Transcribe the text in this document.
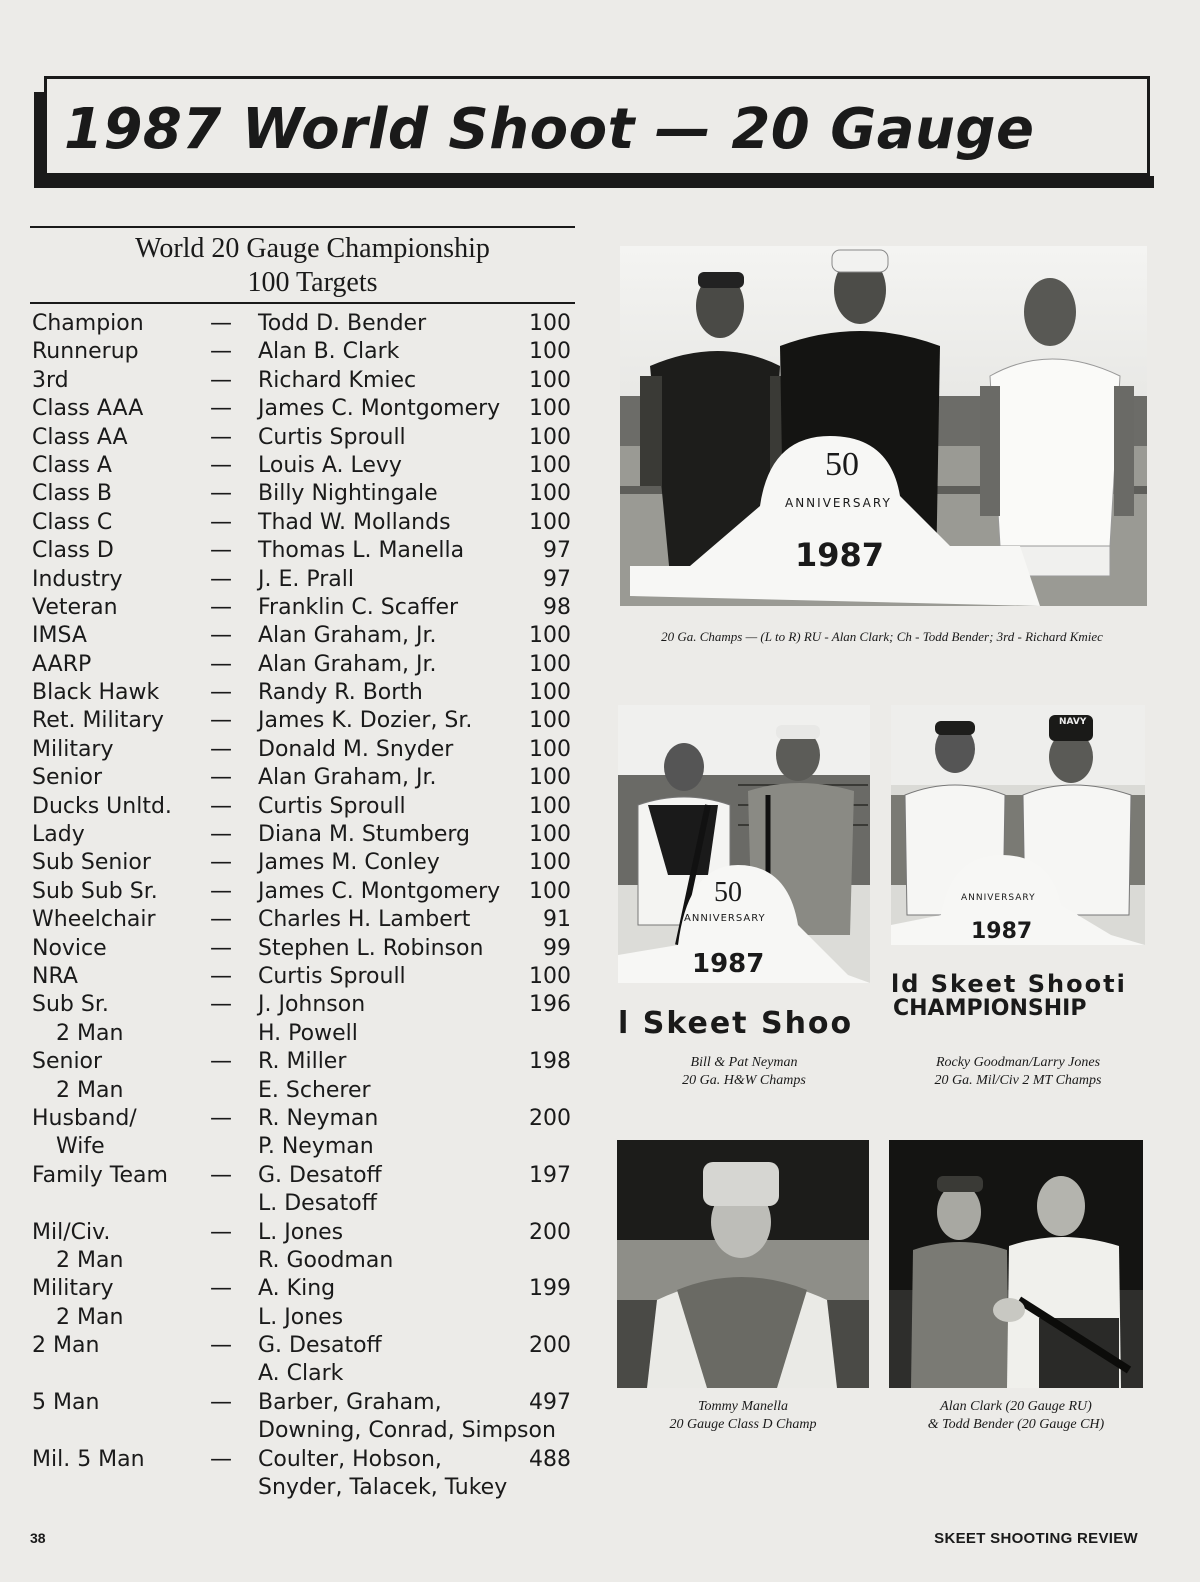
1987 World Shoot — 20 Gauge
World 20 Gauge Championship
100 Targets
Champion	— Todd D. Bender	100
Runnerup	— Alan B. Clark	100
3rd	— Richard Kmiec	100
Class AAA	— James C. Montgomery 100
Class AA	— Curtis Sproull	100
Class A	— Louis A. Levy	100
Class B	— Billy Nightingale	100
Class C	— Thad W. Mollands	100
Class D	— Thomas L. Manella	97
Industry	— J. E. Prall	97
Veteran	— Franklin C. Scaffer	98
IMSA	— Alan Graham, Jr.	100
AARP	— Alan Graham, Jr.	100
Black Hawk — Randy R. Borth	100
Ret. Military — James K. Dozier, Sr.	100
Military	— Donald M. Snyder	100
Senior	— Alan Graham, Jr.	100
Ducks Unltd. — Curtis Sproull	100
Lady	— Diana M. Stumberg	100
Sub Senior	— James M. Conley	100
Sub Sub Sr. — James C. Montgomery 100
Wheelchair — Charles H. Lambert	91
Novice	— Stephen L. Robinson	99
NRA	— Curtis Sproull	100
Sub Sr.	— J. Johnson	196
2 Man	H. Powell
Senior	— R. Miller	198
2 Man	E. Scherer
Husband/	— R. Neyman	200
Wife	P. Neyman
Family Team — G. Desatoff	197
L. Desatoff
Mil/Civ.	— L. Jones	200
2 Man	R. Goodman
Military	— A. King	199
2 Man	L. Jones
2 Man	— G. Desatoff	200
A. Clark
5 Man	— Barber, Graham,	497
Downing, Conrad, Simpson
Mil. 5 Man	— Coulter, Hobson,	488
Snyder, Talacek, Tukey
50
ANNIVERSARY
1987
20 Ga. Champs — (L to R) RU - Alan Clark; Ch - Todd Bender; 3rd - Richard Kmiec
50
ANNIVERSARY
1987
l Skeet Shoo
Bill & Pat Neyman
20 Ga. H&W Champs
NAVY
ANNIVERSARY
1987
ld Skeet Shooti
CHAMPIONSHIP
Rocky Goodman/Larry Jones
20 Ga. Mil/Civ 2 MT Champs
Tommy Manella
20 Gauge Class D Champ
Alan Clark (20 Gauge RU)
& Todd Bender (20 Gauge CH)
38	SKEET SHOOTING REVIEW
